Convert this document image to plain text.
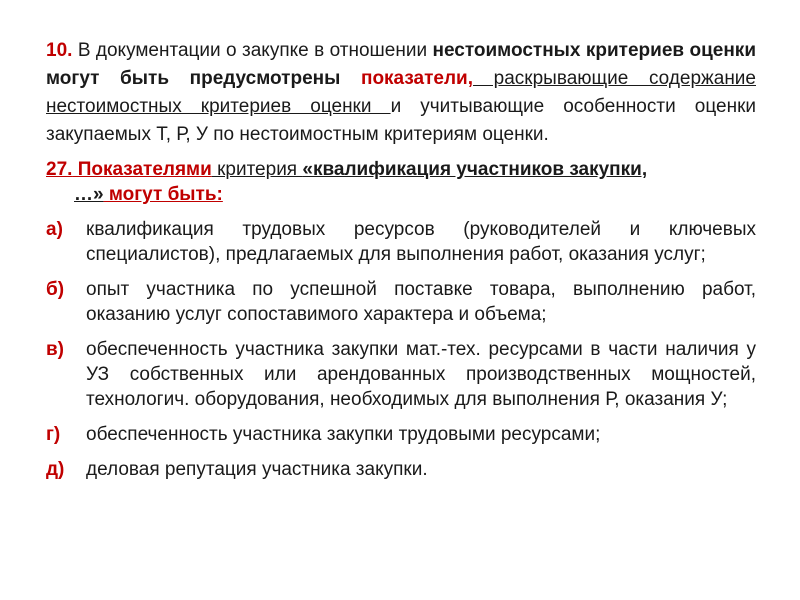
10. В документации о закупке в отношении нестоимостных критериев оценки могут быть предусмотрены показатели, раскрывающие содержание нестоимостных критериев оценки и учитывающие особенности оценки закупаемых Т, Р, У по нестоимостным критериям оценки.

27. Показателями критерия «квалификация участников закупки,
…» могут быть:

а) квалификация трудовых ресурсов (руководителей и ключевых специалистов), предлагаемых для выполнения работ, оказания услуг;
б) опыт участника по успешной поставке товара, выполнению работ, оказанию услуг сопоставимого характера и объема;
в) обеспеченность участника закупки мат.-тех. ресурсами в части наличия у УЗ собственных или арендованных производственных мощностей, технологич. оборудования, необходимых для выполнения Р, оказания У;
г) обеспеченность участника закупки трудовыми ресурсами;
д) деловая репутация участника закупки.
